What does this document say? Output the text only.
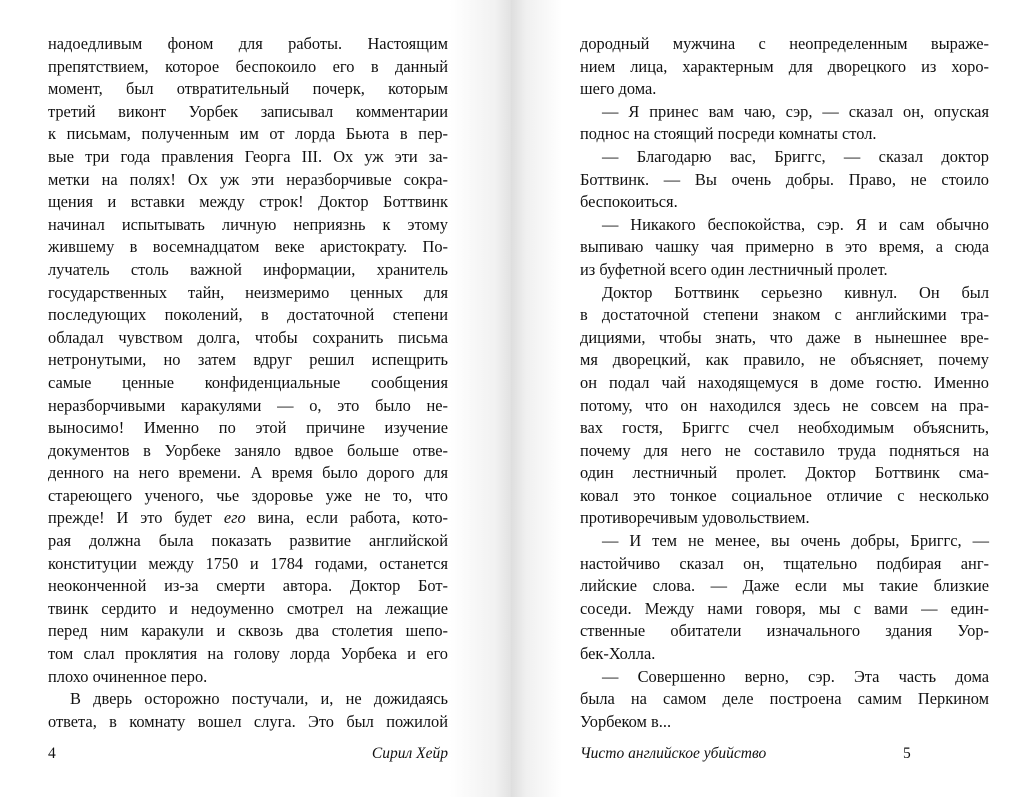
надоедливым фоном для работы. Настоящим

препятствием, которое беспокоило его в данный

момент, был отвратительный почерк, которым

третий виконт Уорбек записывал комментарии

к письмам, полученным им от лорда Бьюта в пер-

вые три года правления Георга III. Ох уж эти за-

метки на полях! Ох уж эти неразборчивые сокра-

щения и вставки между строк! Доктор Боттвинк

начинал испытывать личную неприязнь к этому

жившему в восемнадцатом веке аристократу. По-

лучатель столь важной информации, хранитель

государственных тайн, неизмеримо ценных для

последующих поколений, в достаточной степени

обладал чувством долга, чтобы сохранить письма

нетронутыми, но затем вдруг решил испещрить

самые ценные конфиденциальные сообщения

неразборчивыми каракулями — о, это было не-

выносимо! Именно по этой причине изучение

документов в Уорбеке заняло вдвое больше отве-

денного на него времени. А время было дорого для

стареющего ученого, чье здоровье уже не то, что

прежде! И это будет его вина, если работа, кото-

рая должна была показать развитие английской

конституции между 1750 и 1784 годами, останется

неоконченной из-за смерти автора. Доктор Бот-

твинк сердито и недоуменно смотрел на лежащие

перед ним каракули и сквозь два столетия шепо-

том слал проклятия на голову лорда Уорбека и его

плохо очиненное перо.

В дверь осторожно постучали, и, не дожидаясь

ответа, в комнату вошел слуга. Это был пожилой

4	Сирил Хейр

дородный мужчина с неопределенным выраже-

нием лица, характерным для дворецкого из хоро-

шего дома.

— Я принес вам чаю, сэр, — сказал он, опуская

поднос на стоящий посреди комнаты стол.

— Благодарю вас, Бриггс, — сказал доктор

Боттвинк. — Вы очень добры. Право, не стоило

беспокоиться.

— Никакого беспокойства, сэр. Я и сам обычно

выпиваю чашку чая примерно в это время, а сюда

из буфетной всего один лестничный пролет.

Доктор Боттвинк серьезно кивнул. Он был

в достаточной степени знаком с английскими тра-

дициями, чтобы знать, что даже в нынешнее вре-

мя дворецкий, как правило, не объясняет, почему

он подал чай находящемуся в доме гостю. Именно

потому, что он находился здесь не совсем на пра-

вах гостя, Бриггс счел необходимым объяснить,

почему для него не составило труда подняться на

один лестничный пролет. Доктор Боттвинк сма-

ковал это тонкое социальное отличие с несколько

противоречивым удовольствием.

— И тем не менее, вы очень добры, Бриггс, —

настойчиво сказал он, тщательно подбирая анг-

лийские слова. — Даже если мы такие близкие

соседи. Между нами говоря, мы с вами — един-

ственные обитатели изначального здания Уор-

бек-Холла.

— Совершенно верно, сэр. Эта часть дома

была на самом деле построена самим Перкином

Уорбеком в...

Чисто английское убийство	5
